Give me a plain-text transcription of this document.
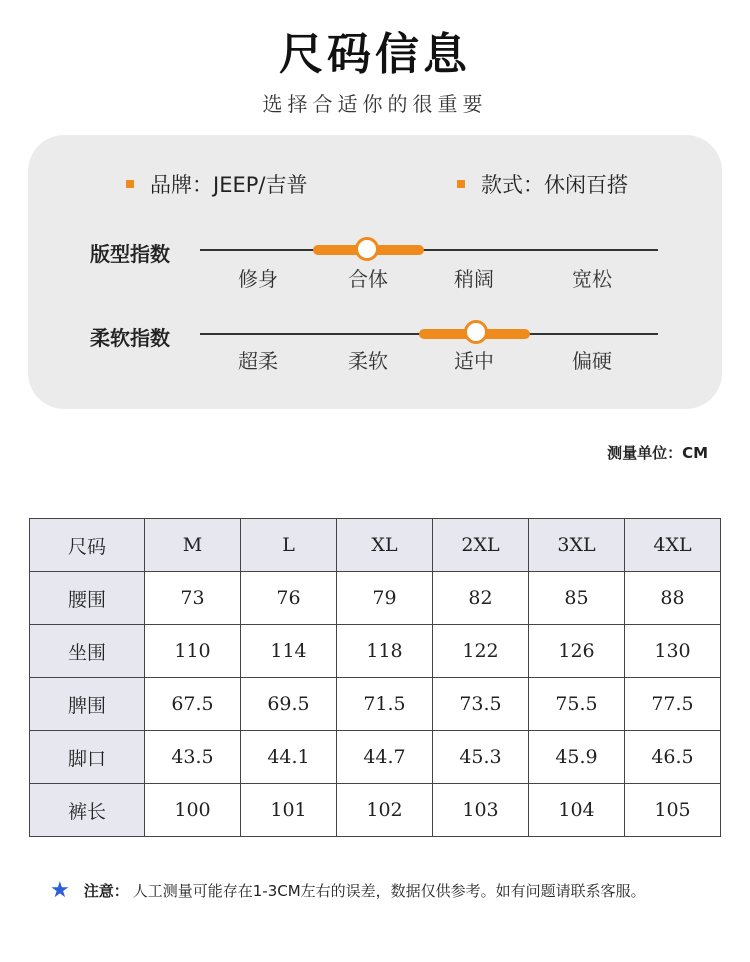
尺码信息
选择合适你的很重要
品牌：JEEP/吉普	款式：休闲百搭
版型指数
修身	合体	稍阔	宽松
柔软指数
超柔	柔软	适中	偏硬
测量单位：CM
尺码	M	L	XL	2XL	3XL	4XL
腰围	73	76	79	82	85	88
坐围	110	114	118	122	126	130
脾围	67.5	69.5	71.5	73.5	75.5	77.5
脚口	43.5	44.1	44.7	45.3	45.9	46.5
裤长	100	101	102	103	104	105
★ 注意： 人工测量可能存在1-3CM左右的误差，数据仅供参考。如有问题请联系客服。
